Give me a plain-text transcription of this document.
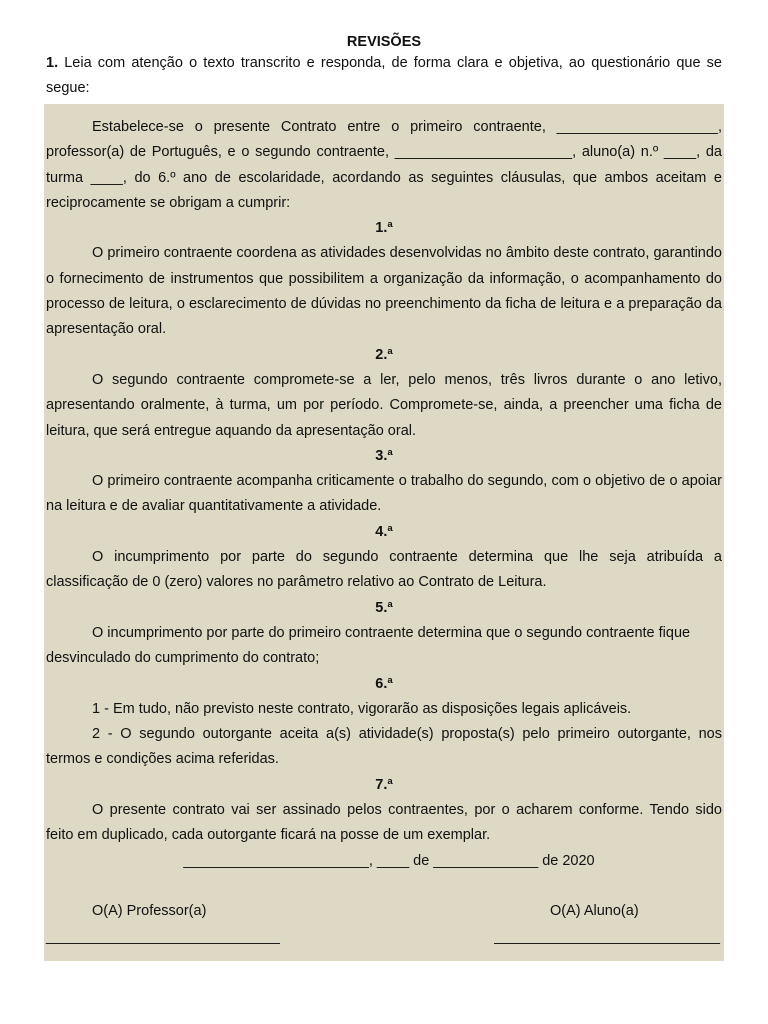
REVISÕES
1. Leia com atenção o texto transcrito e responda, de forma clara e objetiva, ao questionário que se segue:

Estabelece-se o presente Contrato entre o primeiro contraente, ____________________, professor(a) de Português, e o segundo contraente, ______________________, aluno(a) n.º ____, da turma ____, do 6.º ano de escolaridade, acordando as seguintes cláusulas, que ambos aceitam e reciprocamente se obrigam a cumprir:

1.ª

O primeiro contraente coordena as atividades desenvolvidas no âmbito deste contrato, garantindo o fornecimento de instrumentos que possibilitem a organização da informação, o acompanhamento do processo de leitura, o esclarecimento de dúvidas no preenchimento da ficha de leitura e a preparação da apresentação oral.

2.ª

O segundo contraente compromete-se a ler, pelo menos, três livros durante o ano letivo, apresentando oralmente, à turma, um por período. Compromete-se, ainda, a preencher uma ficha de leitura, que será entregue aquando da apresentação oral.

3.ª

O primeiro contraente acompanha criticamente o trabalho do segundo, com o objetivo de o apoiar na leitura e de avaliar quantitativamente a atividade.

4.ª

O incumprimento por parte do segundo contraente determina que lhe seja atribuída a classificação de 0 (zero) valores no parâmetro relativo ao Contrato de Leitura.

5.ª

O incumprimento por parte do primeiro contraente determina que o segundo contraente fique desvinculado do cumprimento do contrato;

6.ª

1 - Em tudo, não previsto neste contrato, vigorarão as disposições legais aplicáveis.

2 - O segundo outorgante aceita a(s) atividade(s) proposta(s) pelo primeiro outorgante, nos termos e condições acima referidas.

7.ª

O presente contrato vai ser assinado pelos contraentes, por o acharem conforme. Tendo sido feito em duplicado, cada outorgante ficará na posse de um exemplar.

_______________________, ____ de _____________ de 2020
O(A) Professor(a)	O(A) Aluno(a)
_____________________________	____________________________
